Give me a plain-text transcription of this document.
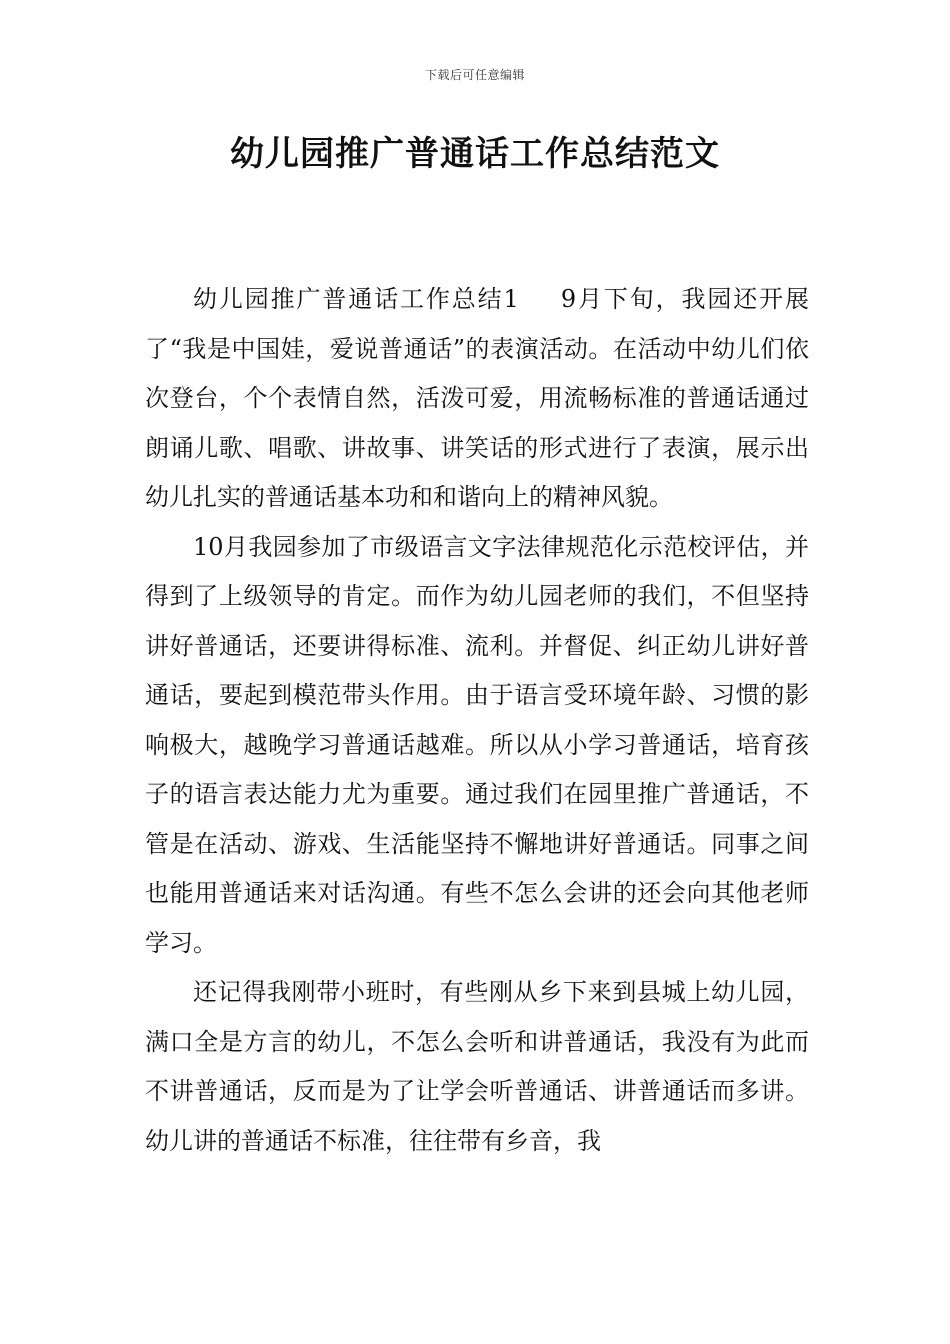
下载后可任意编辑
幼儿园推广普通话工作总结范文

幼儿园推广普通话工作总结1 9月下旬，我园还开展了“我是中国娃，爱说普通话”的表演活动。在活动中幼儿们依次登台，个个表情自然，活泼可爱，用流畅标准的普通话通过朗诵儿歌、唱歌、讲故事、讲笑话的形式进行了表演，展示出幼儿扎实的普通话基本功和和谐向上的精神风貌。

10月我园参加了市级语言文字法律规范化示范校评估，并得到了上级领导的肯定。而作为幼儿园老师的我们，不但坚持讲好普通话，还要讲得标准、流利。并督促、纠正幼儿讲好普通话，要起到模范带头作用。由于语言受环境年龄、习惯的影响极大，越晚学习普通话越难。所以从小学习普通话，培育孩子的语言表达能力尤为重要。通过我们在园里推广普通话，不管是在活动、游戏、生活能坚持不懈地讲好普通话。同事之间也能用普通话来对话沟通。有些不怎么会讲的还会向其他老师学习。

还记得我刚带小班时，有些刚从乡下来到县城上幼儿园，满口全是方言的幼儿，不怎么会听和讲普通话，我没有为此而不讲普通话，反而是为了让学会听普通话、讲普通话而多讲。幼儿讲的普通话不标准，往往带有乡音，我
